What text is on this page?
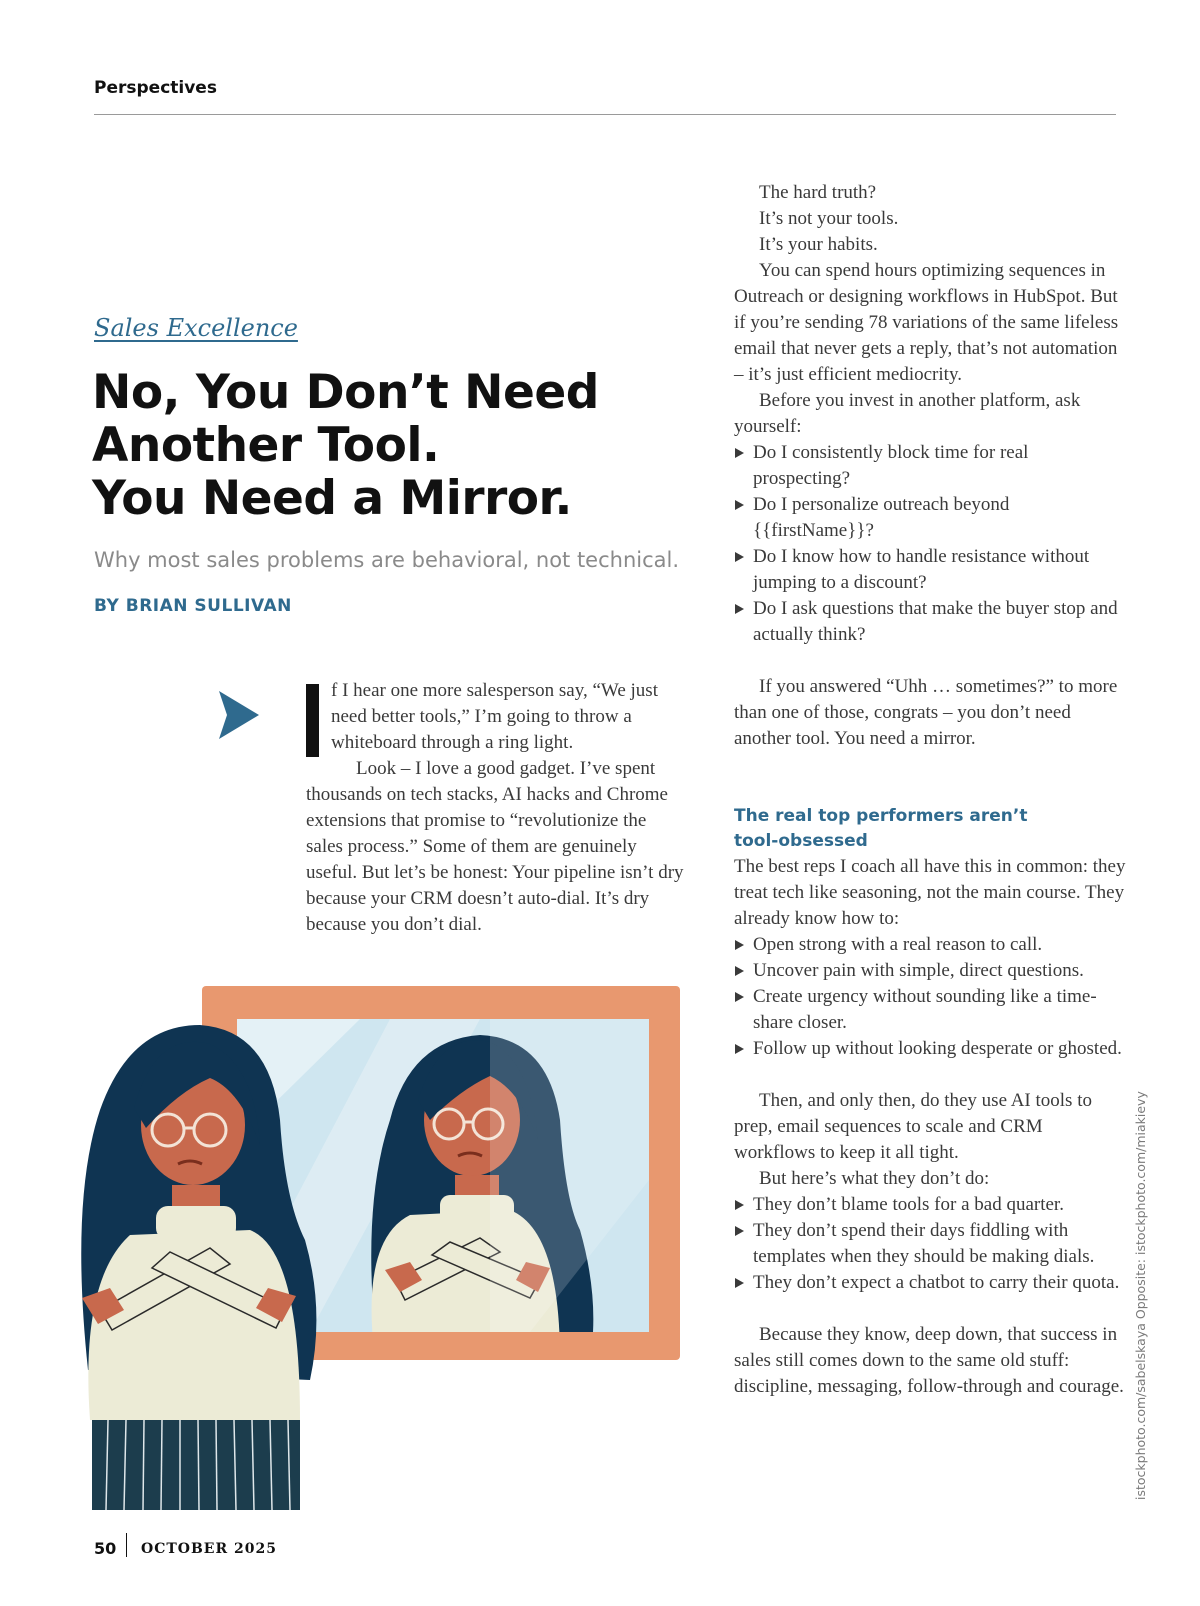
Perspectives
Sales Excellence
No, You Don’t Need
Another Tool.
You Need a Mirror.
Why most sales problems are behavioral, not technical.
BY BRIAN SULLIVAN

f I hear one more salesperson say, “We just need better tools,” I’m going to throw a whiteboard through a ring light.

Look – I love a good gadget. I’ve spent thousands on tech stacks, AI hacks and Chrome extensions that promise to “revolutionize the sales process.” Some of them are genuinely useful. But let’s be honest: Your pipeline isn’t dry because your CRM doesn’t auto-dial. It’s dry because you don’t dial.

The hard truth?

It’s not your tools.

It’s your habits.

You can spend hours optimizing sequences in Outreach or designing workflows in HubSpot. But if you’re sending 78 variations of the same lifeless email that never gets a reply, that’s not automation – it’s just efficient mediocrity.

Before you invest in another platform, ask yourself:

Do I consistently block time for real prospecting?
Do I personalize outreach beyond {{firstName}}?
Do I know how to handle resistance without jumping to a discount?
Do I ask questions that make the buyer stop and actually think?

If you answered “Uhh … sometimes?” to more than one of those, congrats – you don’t need another tool. You need a mirror.

The real top performers aren’t
tool-obsessed

The best reps I coach all have this in common: they treat tech like seasoning, not the main course. They already know how to:

Open strong with a real reason to call.
Uncover pain with simple, direct questions.
Create urgency without sounding like a time-share closer.
Follow up without looking desperate or ghosted.

Then, and only then, do they use AI tools to prep, email sequences to scale and CRM workflows to keep it all tight.

But here’s what they don’t do:

They don’t blame tools for a bad quarter.
They don’t spend their days fiddling with templates when they should be making dials.
They don’t expect a chatbot to carry their quota.

Because they know, deep down, that success in sales still comes down to the same old stuff: discipline, messaging, follow-through and courage.

50 OCTOBER 2025
istockphoto.com/sabelskaya Opposite: istockphoto.com/miakievy
